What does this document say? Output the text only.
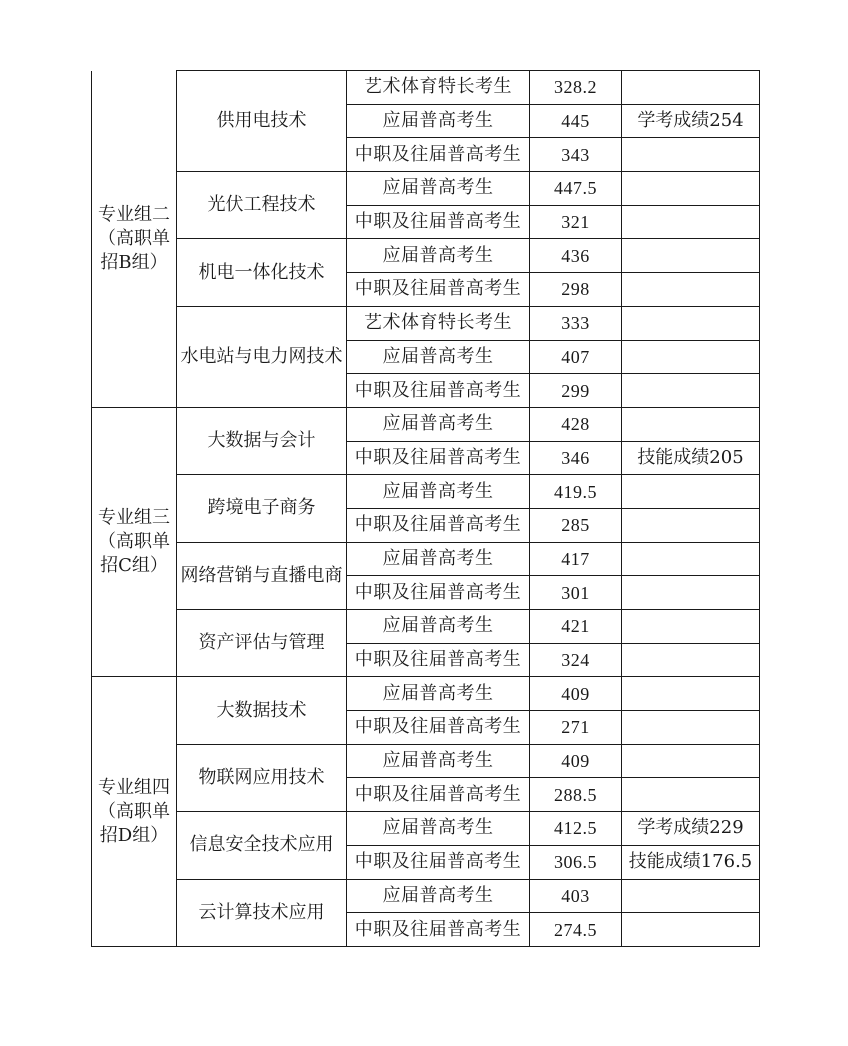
专业组二（高职单招B组）	供用电技术	艺术体育特长考生	328.2	
		应届普高考生	445	学考成绩254
		中职及往届普高考生	343	
	光伏工程技术	应届普高考生	447.5	
		中职及往届普高考生	321	
	机电一体化技术	应届普高考生	436	
		中职及往届普高考生	298	
	水电站与电力网技术	艺术体育特长考生	333	
		应届普高考生	407	
		中职及往届普高考生	299	
专业组三（高职单招C组）	大数据与会计	应届普高考生	428	
		中职及往届普高考生	346	技能成绩205
	跨境电子商务	应届普高考生	419.5	
		中职及往届普高考生	285	
	网络营销与直播电商	应届普高考生	417	
		中职及往届普高考生	301	
	资产评估与管理	应届普高考生	421	
		中职及往届普高考生	324	
专业组四（高职单招D组）	大数据技术	应届普高考生	409	
		中职及往届普高考生	271	
	物联网应用技术	应届普高考生	409	
		中职及往届普高考生	288.5	
	信息安全技术应用	应届普高考生	412.5	学考成绩229
		中职及往届普高考生	306.5	技能成绩176.5
	云计算技术应用	应届普高考生	403	
		中职及往届普高考生	274.5	
